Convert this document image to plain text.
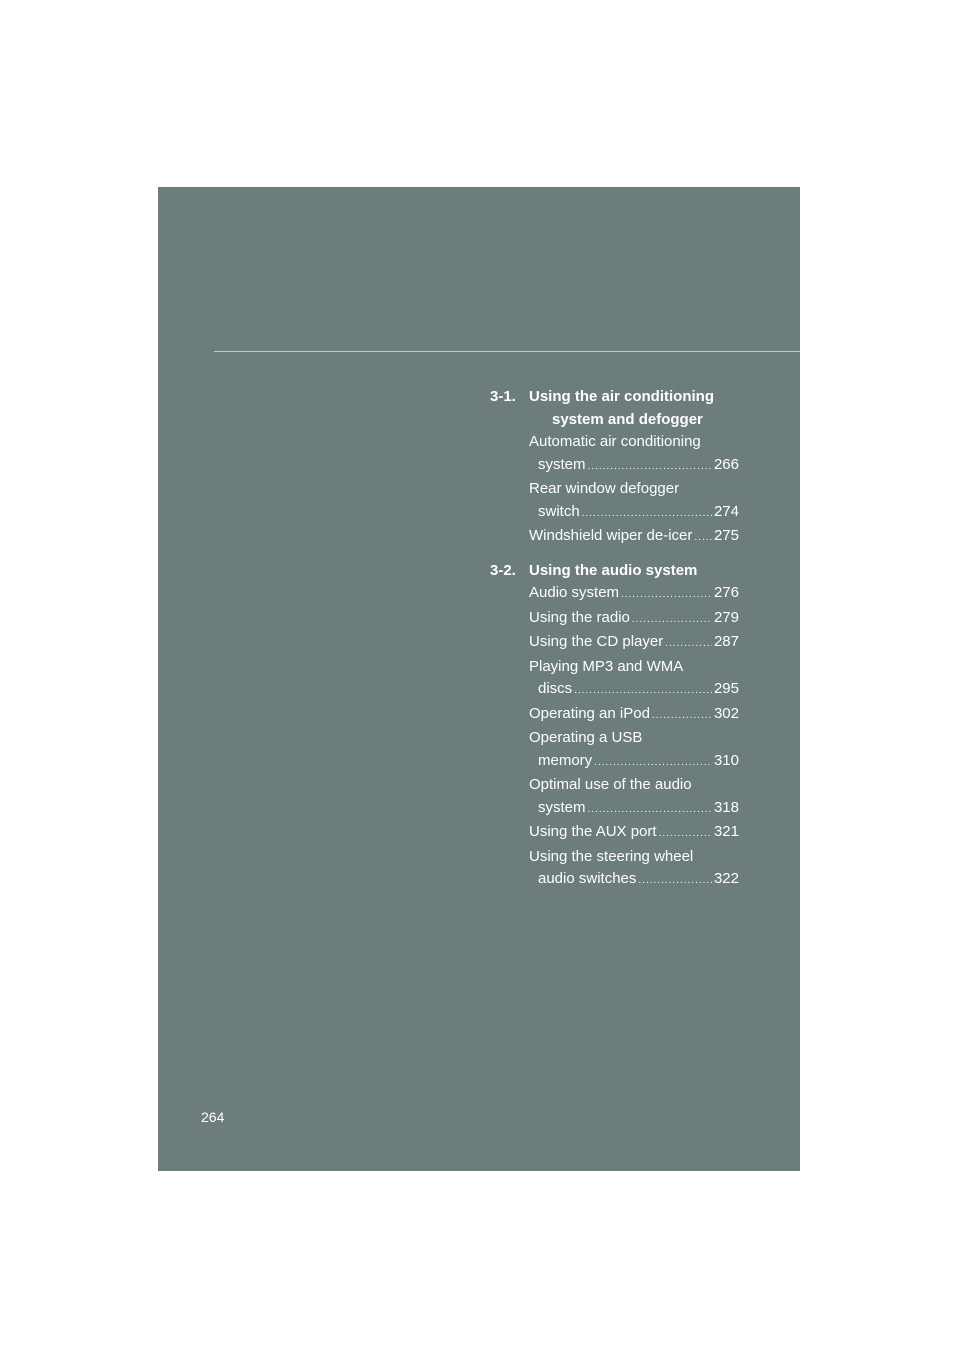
3-1. Using the air conditioning
system and defogger
Automatic air conditioning
system .....	266
Rear window defogger
switch .....	274
Windshield wiper de-icer ..... 275
3-2. Using the audio system
Audio system .....	276
Using the radio .....	279
Using the CD player .....	287
Playing MP3 and WMA
discs .....	295
Operating an iPod .....	302
Operating a USB
memory .....	310
Optimal use of the audio
system .....	318
Using the AUX port .....	321
Using the steering wheel
audio switches .....	322
264
